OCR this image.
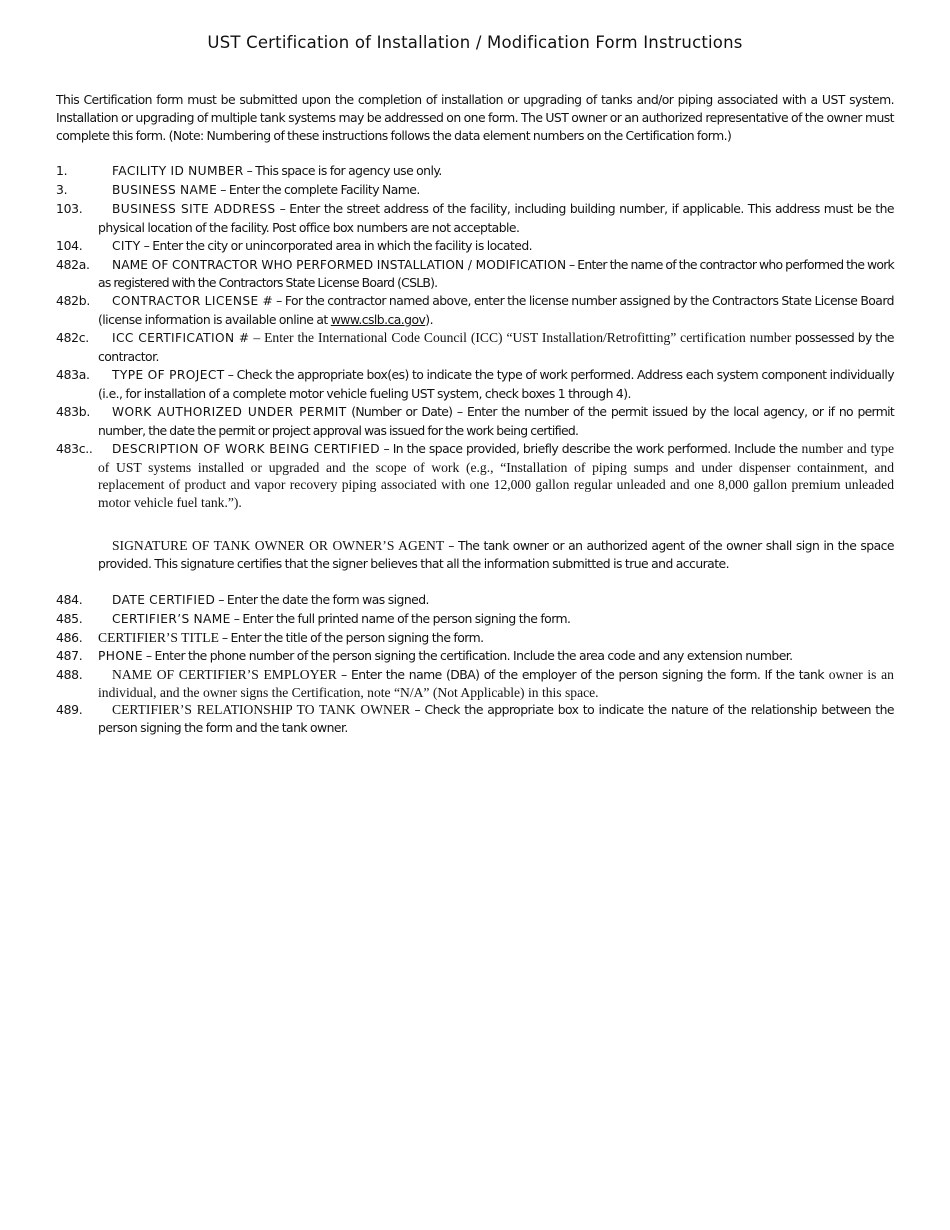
UST Certification of Installation / Modification Form Instructions

This Certification form must be submitted upon the completion of installation or upgrading of tanks and/or piping associated with a UST system. Installation or upgrading of multiple tank systems may be addressed on one form. The UST owner or an authorized representative of the owner must complete this form. (Note: Numbering of these instructions follows the data element numbers on the Certification form.)

1.	FACILITY ID NUMBER – This space is for agency use only.
3.	BUSINESS NAME – Enter the complete Facility Name.
103. BUSINESS SITE ADDRESS – Enter the street address of the facility, including building number, if applicable. This address must be the physical location of the facility. Post office box numbers are not acceptable.
104. CITY – Enter the city or unincorporated area in which the facility is located.
482a. NAME OF CONTRACTOR WHO PERFORMED INSTALLATION / MODIFICATION – Enter the name of the contractor who performed the work as registered with the Contractors State License Board (CSLB).
482b. CONTRACTOR LICENSE # – For the contractor named above, enter the license number assigned by the Contractors State License Board (license information is available online at www.cslb.ca.gov).
482c. ICC CERTIFICATION # – Enter the International Code Council (ICC) “UST Installation/Retrofitting” certification number possessed by the contractor.
483a. TYPE OF PROJECT – Check the appropriate box(es) to indicate the type of work performed. Address each system component individually (i.e., for installation of a complete motor vehicle fueling UST system, check boxes 1 through 4).
483b. WORK AUTHORIZED UNDER PERMIT (Number or Date) – Enter the number of the permit issued by the local agency, or if no permit number, the date the permit or project approval was issued for the work being certified.
483c.. DESCRIPTION OF WORK BEING CERTIFIED – In the space provided, briefly describe the work performed. Include the number and type of UST systems installed or upgraded and the scope of work (e.g., “Installation of piping sumps and under dispenser containment, and replacement of product and vapor recovery piping associated with one 12,000 gallon regular unleaded and one 8,000 gallon premium unleaded motor vehicle fuel tank.”).

SIGNATURE OF TANK OWNER OR OWNER’S AGENT – The tank owner or an authorized agent of the owner shall sign in the space provided. This signature certifies that the signer believes that all the information submitted is true and accurate.

484. DATE CERTIFIED – Enter the date the form was signed.
485. CERTIFIER’S NAME – Enter the full printed name of the person signing the form.
486. CERTIFIER’S TITLE – Enter the title of the person signing the form.
487. PHONE – Enter the phone number of the person signing the certification. Include the area code and any extension number.
488. NAME OF CERTIFIER’S EMPLOYER – Enter the name (DBA) of the employer of the person signing the form. If the tank owner is an individual, and the owner signs the Certification, note “N/A” (Not Applicable) in this space.
489. CERTIFIER’S RELATIONSHIP TO TANK OWNER – Check the appropriate box to indicate the nature of the relationship between the person signing the form and the tank owner.
